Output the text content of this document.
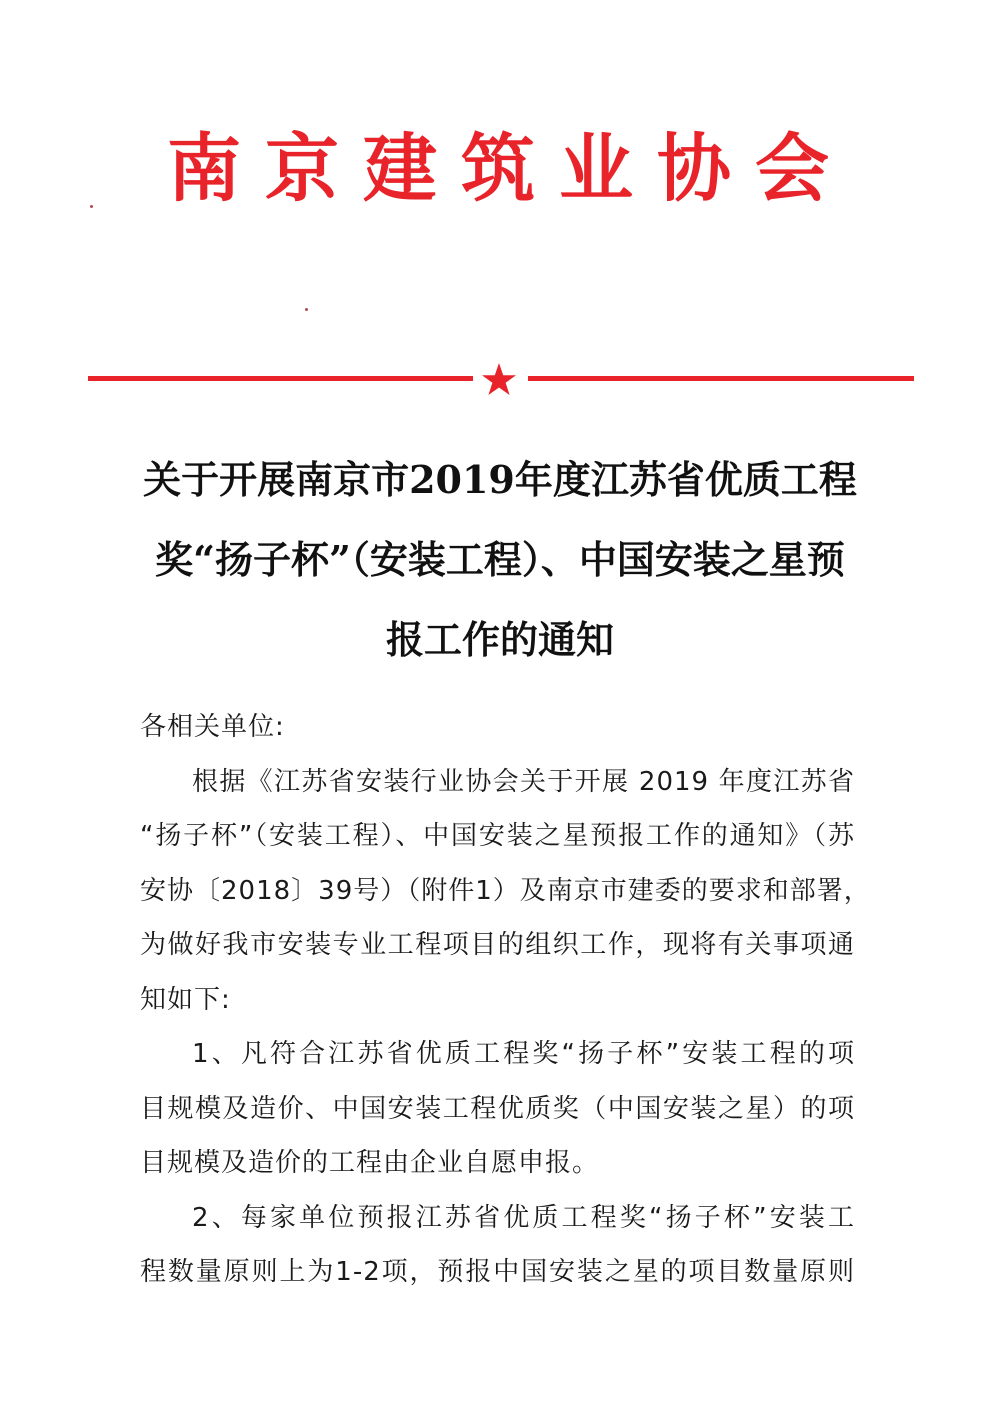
南京建筑业协会
关于开展南京市2019年度江苏省优质工程
奖“扬子杯”（安装工程）、中国安装之星预
报工作的通知
各相关单位:
根据《江苏省安装行业协会关于开展 2019 年度江苏省
“扬子杯”（安装工程）、中国安装之星预报工作的通知》（苏
安协〔2018〕39号）（附件1）及南京市建委的要求和部署，
为做好我市安装专业工程项目的组织工作，现将有关事项通
知如下:
1、凡符合江苏省优质工程奖“扬子杯”安装工程的项
目规模及造价、中国安装工程优质奖（中国安装之星）的项
目规模及造价的工程由企业自愿申报。
2、每家单位预报江苏省优质工程奖“扬子杯”安装工
程数量原则上为1-2项，预报中国安装之星的项目数量原则
